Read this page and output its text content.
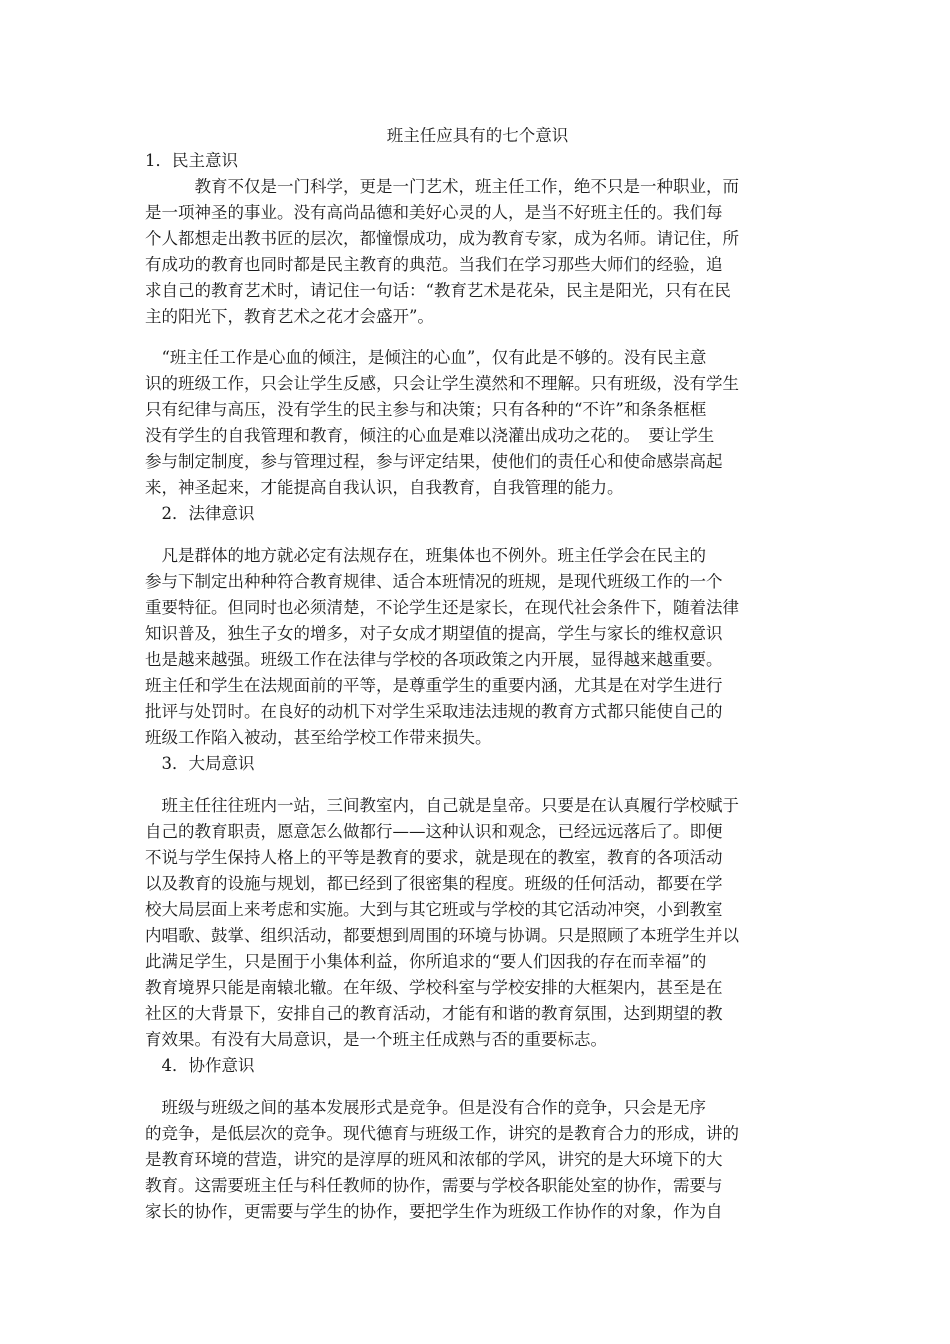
班主任应具有的七个意识
1．民主意识
　　　教育不仅是一门科学，更是一门艺术，班主任工作，绝不只是一种职业，而
是一项神圣的事业。没有高尚品德和美好心灵的人，是当不好班主任的。我们每
个人都想走出教书匠的层次，都憧憬成功，成为教育专家，成为名师。请记住，所
有成功的教育也同时都是民主教育的典范。当我们在学习那些大师们的经验，追
求自己的教育艺术时，请记住一句话：“教育艺术是花朵，民主是阳光，只有在民
主的阳光下，教育艺术之花才会盛开”。
　“班主任工作是心血的倾注，是倾注的心血”，仅有此是不够的。没有民主意
识的班级工作，只会让学生反感，只会让学生漠然和不理解。只有班级，没有学生
只有纪律与高压，没有学生的民主参与和决策；只有各种的“不许”和条条框框
没有学生的自我管理和教育，倾注的心血是难以浇灌出成功之花的。　要让学生
参与制定制度，参与管理过程，参与评定结果，使他们的责任心和使命感崇高起
来，神圣起来，才能提高自我认识，自我教育，自我管理的能力。
　2．法律意识
　凡是群体的地方就必定有法规存在，班集体也不例外。班主任学会在民主的
参与下制定出种种符合教育规律、适合本班情况的班规，是现代班级工作的一个
重要特征。但同时也必须清楚，不论学生还是家长，在现代社会条件下，随着法律
知识普及，独生子女的增多，对子女成才期望值的提高，学生与家长的维权意识
也是越来越强。班级工作在法律与学校的各项政策之内开展，显得越来越重要。
班主任和学生在法规面前的平等，是尊重学生的重要内涵，尤其是在对学生进行
批评与处罚时。在良好的动机下对学生采取违法违规的教育方式都只能使自己的
班级工作陷入被动，甚至给学校工作带来损失。
　3．大局意识
　班主任往往班内一站，三间教室内，自己就是皇帝。只要是在认真履行学校赋于
自己的教育职责，愿意怎么做都行——这种认识和观念，已经远远落后了。即便
不说与学生保持人格上的平等是教育的要求，就是现在的教室，教育的各项活动
以及教育的设施与规划，都已经到了很密集的程度。班级的任何活动，都要在学
校大局层面上来考虑和实施。大到与其它班或与学校的其它活动冲突，小到教室
内唱歌、鼓掌、组织活动，都要想到周围的环境与协调。只是照顾了本班学生并以
此满足学生，只是囿于小集体利益，你所追求的“要人们因我的存在而幸福”的
教育境界只能是南辕北辙。在年级、学校科室与学校安排的大框架内，甚至是在
社区的大背景下，安排自己的教育活动，才能有和谐的教育氛围，达到期望的教
育效果。有没有大局意识，是一个班主任成熟与否的重要标志。
　4．协作意识
　班级与班级之间的基本发展形式是竞争。但是没有合作的竞争，只会是无序
的竞争，是低层次的竞争。现代德育与班级工作，讲究的是教育合力的形成，讲的
是教育环境的营造，讲究的是淳厚的班风和浓郁的学风，讲究的是大环境下的大
教育。这需要班主任与科任教师的协作，需要与学校各职能处室的协作，需要与
家长的协作，更需要与学生的协作，要把学生作为班级工作协作的对象，作为自
